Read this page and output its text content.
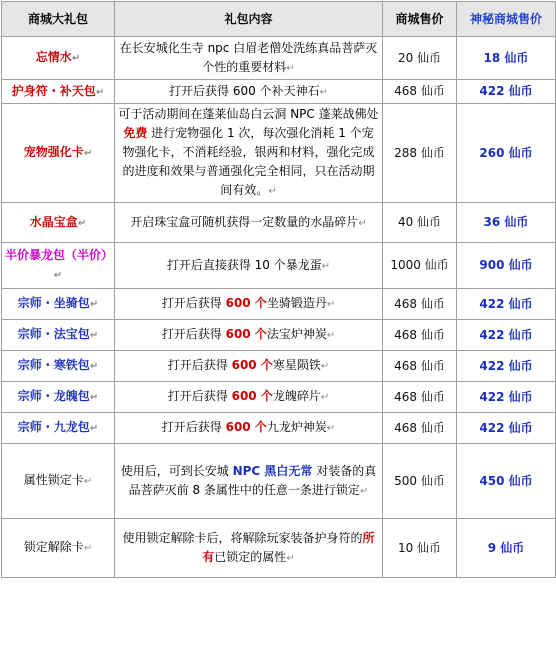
商城大礼包	礼包内容	商城售价	神秘商城售价
忘情水↵	在长安城化生寺 npc 白眉老僧处洗练真品菩萨灭个性的重要材料↵	20 仙币	18 仙币
护身符・补天包↵	打开后获得 600 个补天神石↵	468 仙币	422 仙币
宠物强化卡↵	可于活动期间在蓬莱仙岛白云洞 NPC 蓬莱战佛处 免费 进行宠物强化 1 次，每次强化消耗 1 个宠物强化卡，不消耗经验，银两和材料，强化完成的进度和效果与普通强化完全相同，只在活动期间有效。↵	288 仙币	260 仙币
水晶宝盒↵	开启珠宝盒可随机获得一定数量的水晶碎片↵	40 仙币	36 仙币
半价暴龙包（半价）↵	打开后直接获得 10 个暴龙蛋↵	1000 仙币	900 仙币
宗师・坐骑包↵	打开后获得 600 个坐骑锻造丹↵	468 仙币	422 仙币
宗师・法宝包↵	打开后获得 600 个法宝炉神炭↵	468 仙币	422 仙币
宗师・寒铁包↵	打开后获得 600 个寒星陨铁↵	468 仙币	422 仙币
宗师・龙魄包↵	打开后获得 600 个龙魄碎片↵	468 仙币	422 仙币
宗师・九龙包↵	打开后获得 600 个九龙炉神炭↵	468 仙币	422 仙币
属性锁定卡↵	使用后，可到长安城 NPC 黑白无常 对装备的真品菩萨灭前 8 条属性中的任意一条进行锁定↵	500 仙币	450 仙币
锁定解除卡↵	使用锁定解除卡后，将解除玩家装备护身符的所有已锁定的属性↵	10 仙币	9 仙币
